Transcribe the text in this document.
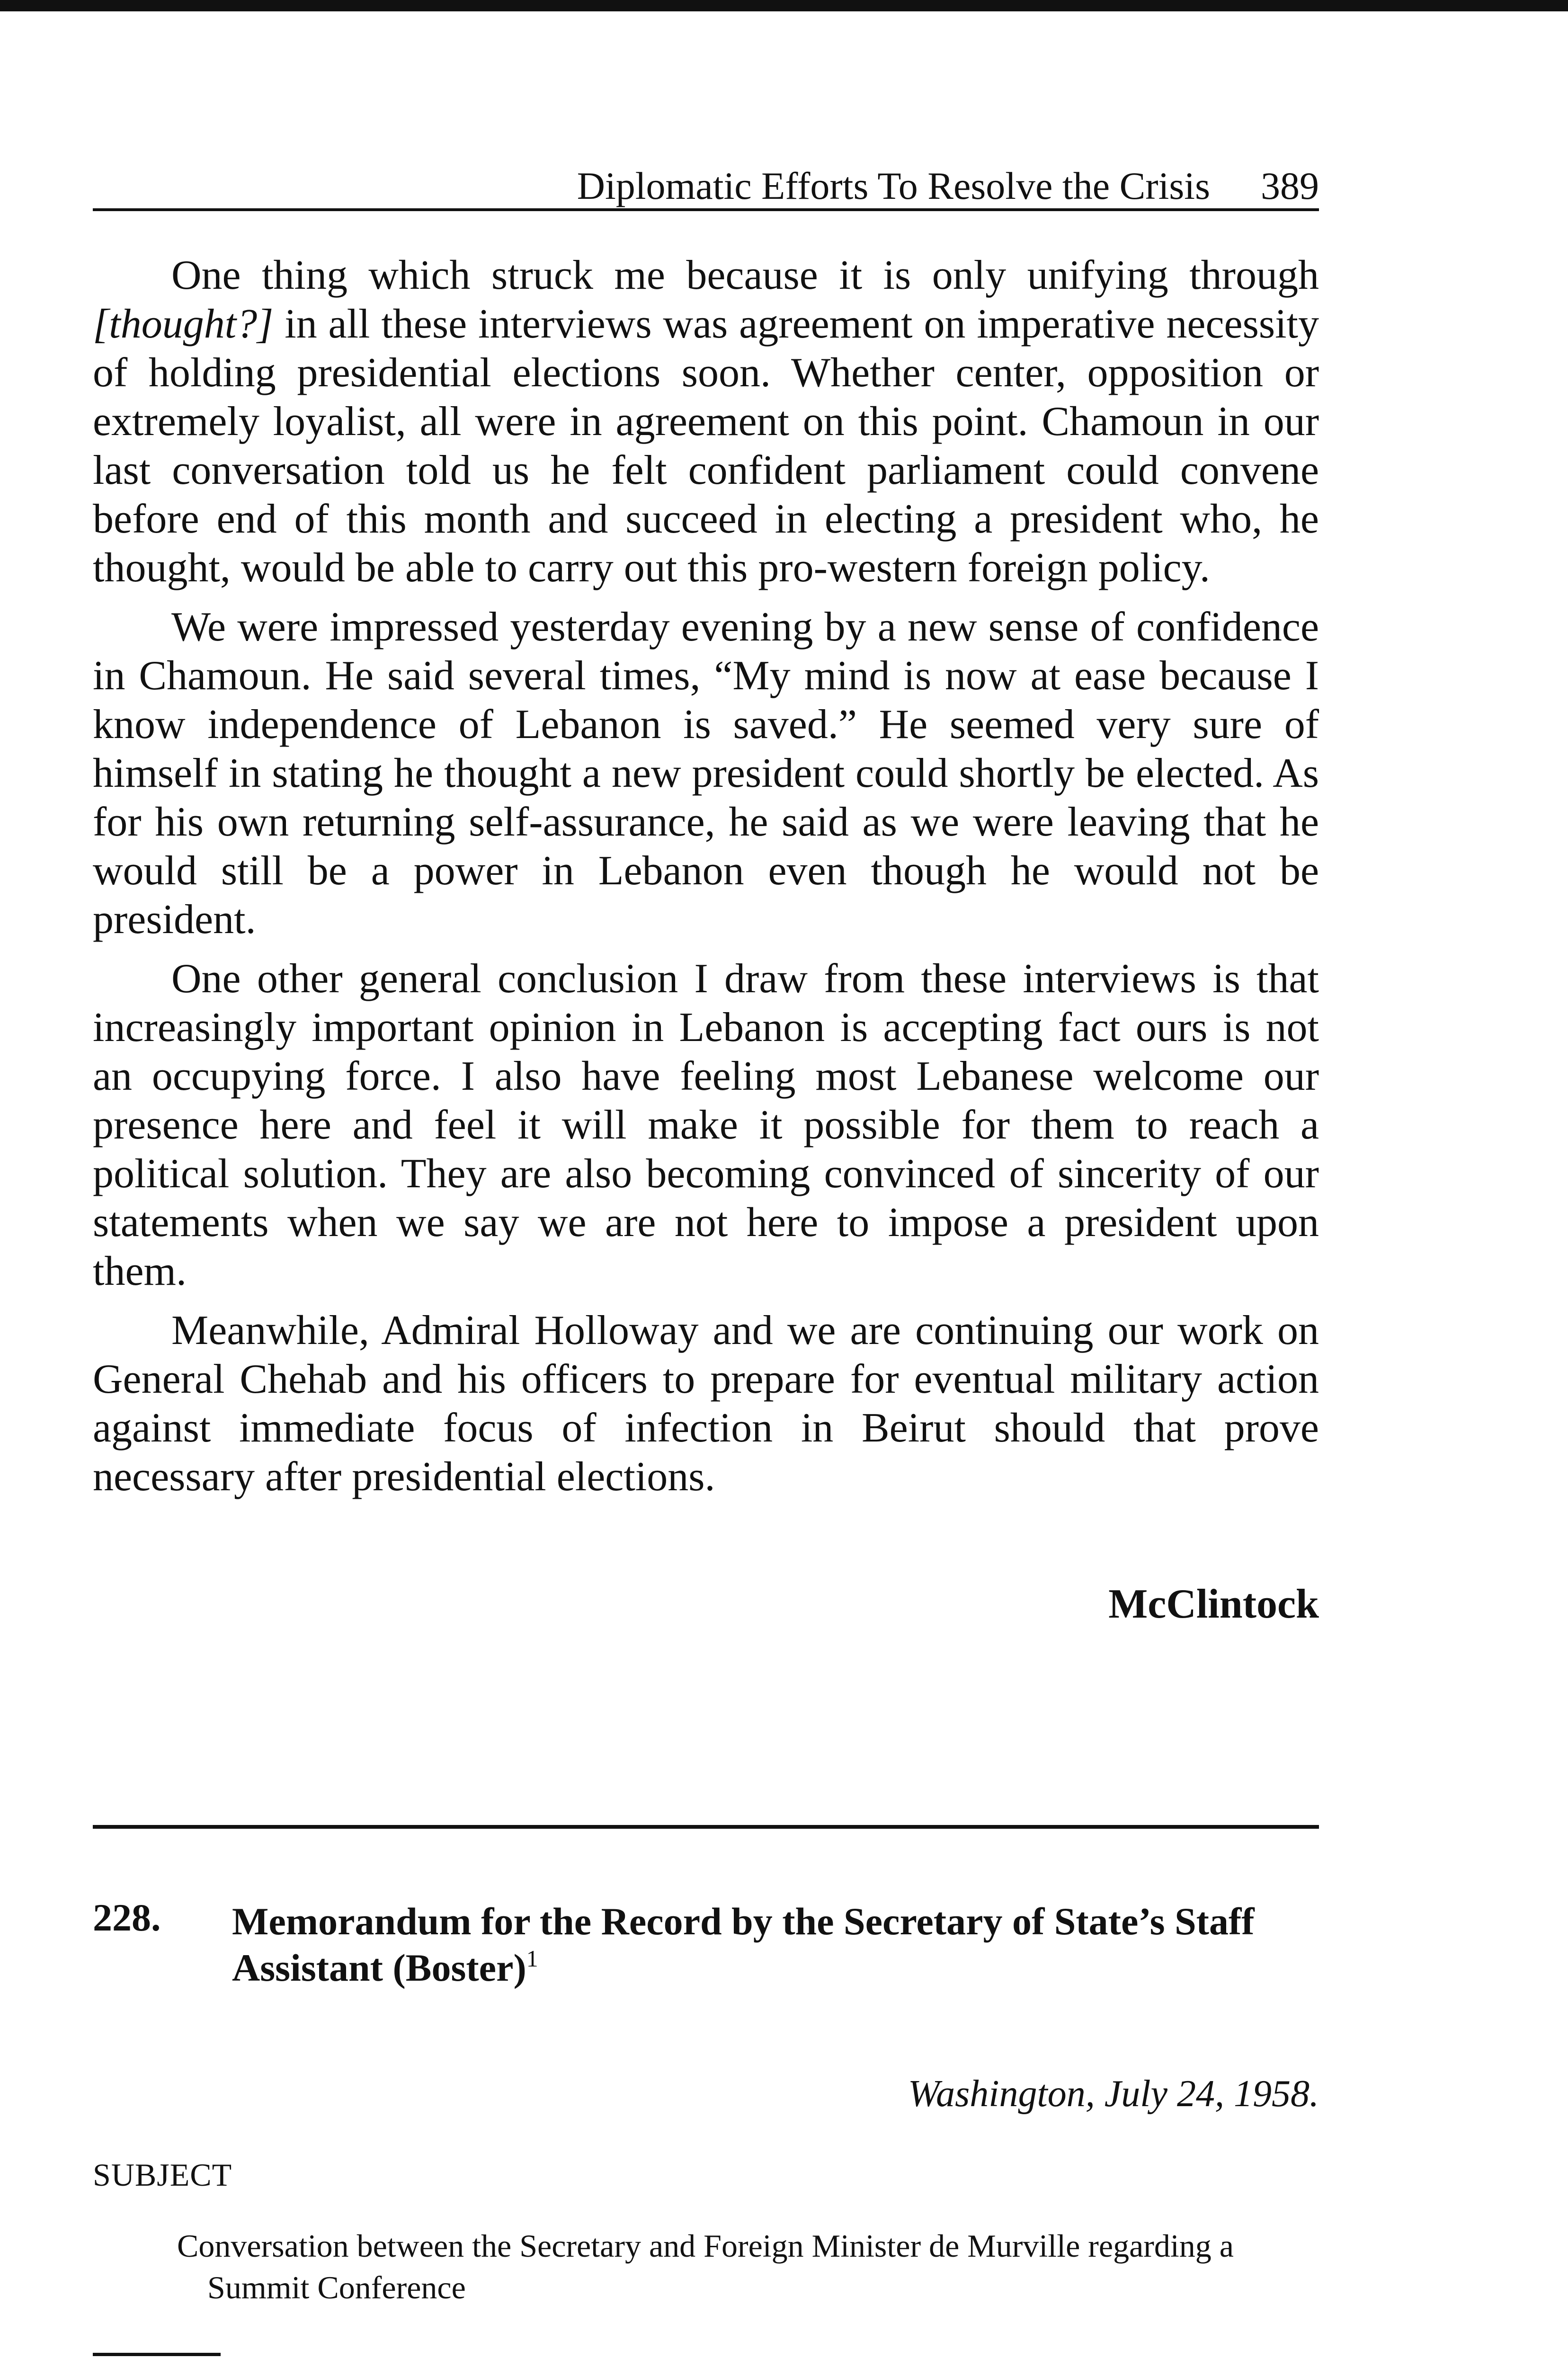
Diplomatic Efforts To Resolve the Crisis 389

One thing which struck me because it is only unifying through [thought?] in all these interviews was agreement on imperative necessity of holding presidential elections soon. Whether center, opposition or extremely loyalist, all were in agreement on this point. Chamoun in our last conversation told us he felt confident parliament could convene before end of this month and succeed in electing a president who, he thought, would be able to carry out this pro-western foreign policy.

We were impressed yesterday evening by a new sense of confidence in Chamoun. He said several times, “My mind is now at ease because I know independence of Lebanon is saved.” He seemed very sure of himself in stating he thought a new president could shortly be elected. As for his own returning self-assurance, he said as we were leaving that he would still be a power in Lebanon even though he would not be president.

One other general conclusion I draw from these interviews is that increasingly important opinion in Lebanon is accepting fact ours is not an occupying force. I also have feeling most Lebanese welcome our presence here and feel it will make it possible for them to reach a political solution. They are also becoming convinced of sincerity of our statements when we say we are not here to impose a president upon them.

Meanwhile, Admiral Holloway and we are continuing our work on General Chehab and his officers to prepare for eventual military action against immediate focus of infection in Beirut should that prove necessary after presidential elections.

McClintock
228. Memorandum for the Record by the Secretary of State’s Staff Assistant (Boster)$^1$
Washington, July 24, 1958.
SUBJECT
Conversation between the Secretary and Foreign Minister de Murville regarding a Summit Conference
